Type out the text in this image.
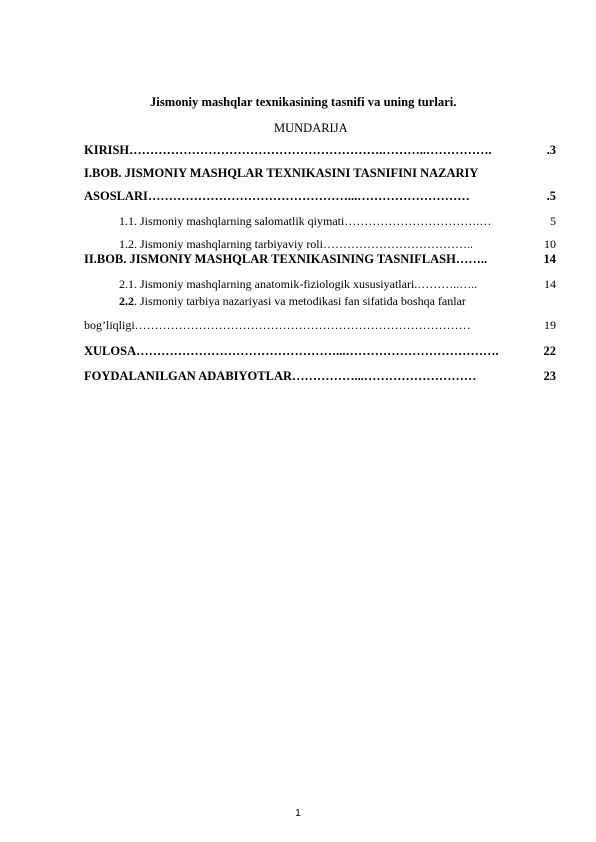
Jismoniy mashqlar texnikasining tasnifi va uning turlari.
MUNDARIJA
KIRISH …………………………………………………….………..…………….	.3
I.BOB. JISMONIY MASHQLAR TEXNIKASINI TASNIFINI NAZARIY
ASOSLARI …………………………………………...………………………	.5
1.1. Jismoniy mashqlarning salomatlik qiymati …………………………….…	5
1.2. Jismoniy mashqlarning tarbiyaviy roli ………………………………..	10
II.BOB. JISMONIY MASHQLAR TEXNIKASINING TASNIFLASH ……..	14
2.1. Jismoniy mashqlarning anatomik-fiziologik xususiyatlari .………..…..	14
2.2. Jismoniy tarbiya nazariyasi va metodikasi fan sifatida boshqa fanlar
bog’liqligi …………………………………………………………………………	19
XULOSA …………………………………………...……………………………….	22
FOYDALANILGAN ADABIYOTLAR ……………...………………………	23
1
